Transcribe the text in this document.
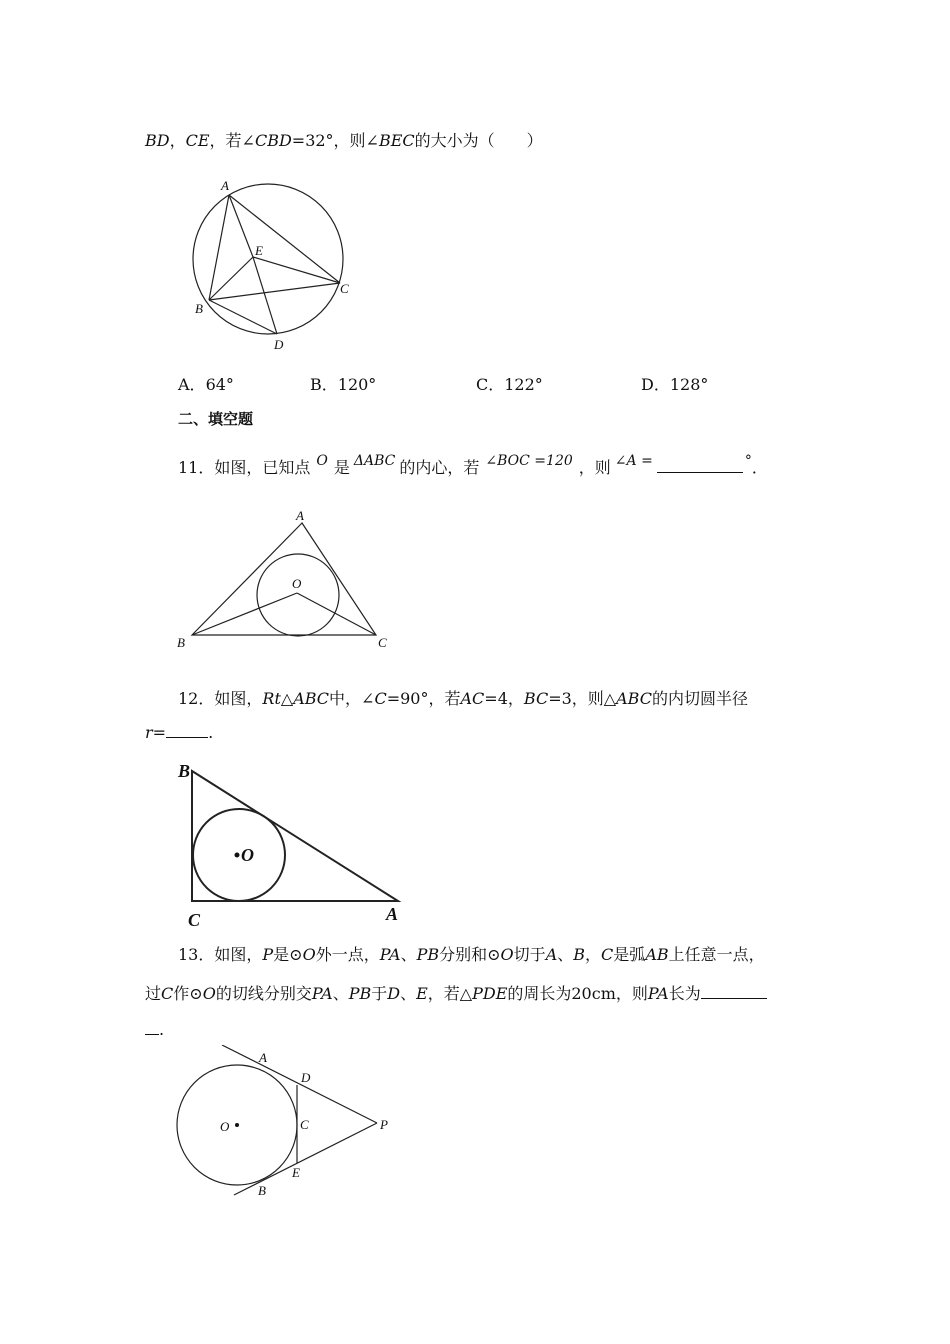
BD，CE，若∠CBD=32°，则∠BEC的大小为（　　）
A
E
B
C
D
A．64°	B．120°	C．122°	D．128°
二、填空题
11．如图，已知点 O 是 ΔABC 的内心，若 ∠BOC =120 ，则 ∠A =	°．
A
O
B	C
12．如图，Rt△ABC中，∠C=90°，若AC=4，BC=3，则△ABC的内切圆半径
r=	.
O
B
C	A
13．如图，P是⊙O外一点，PA、PB分别和⊙O切于A、B，C是弧AB上任意一点，
过C作⊙O的切线分别交PA、PB于D、E，若△PDE的周长为20cm，则PA长为
.
O
A
D
C	P
E
B
